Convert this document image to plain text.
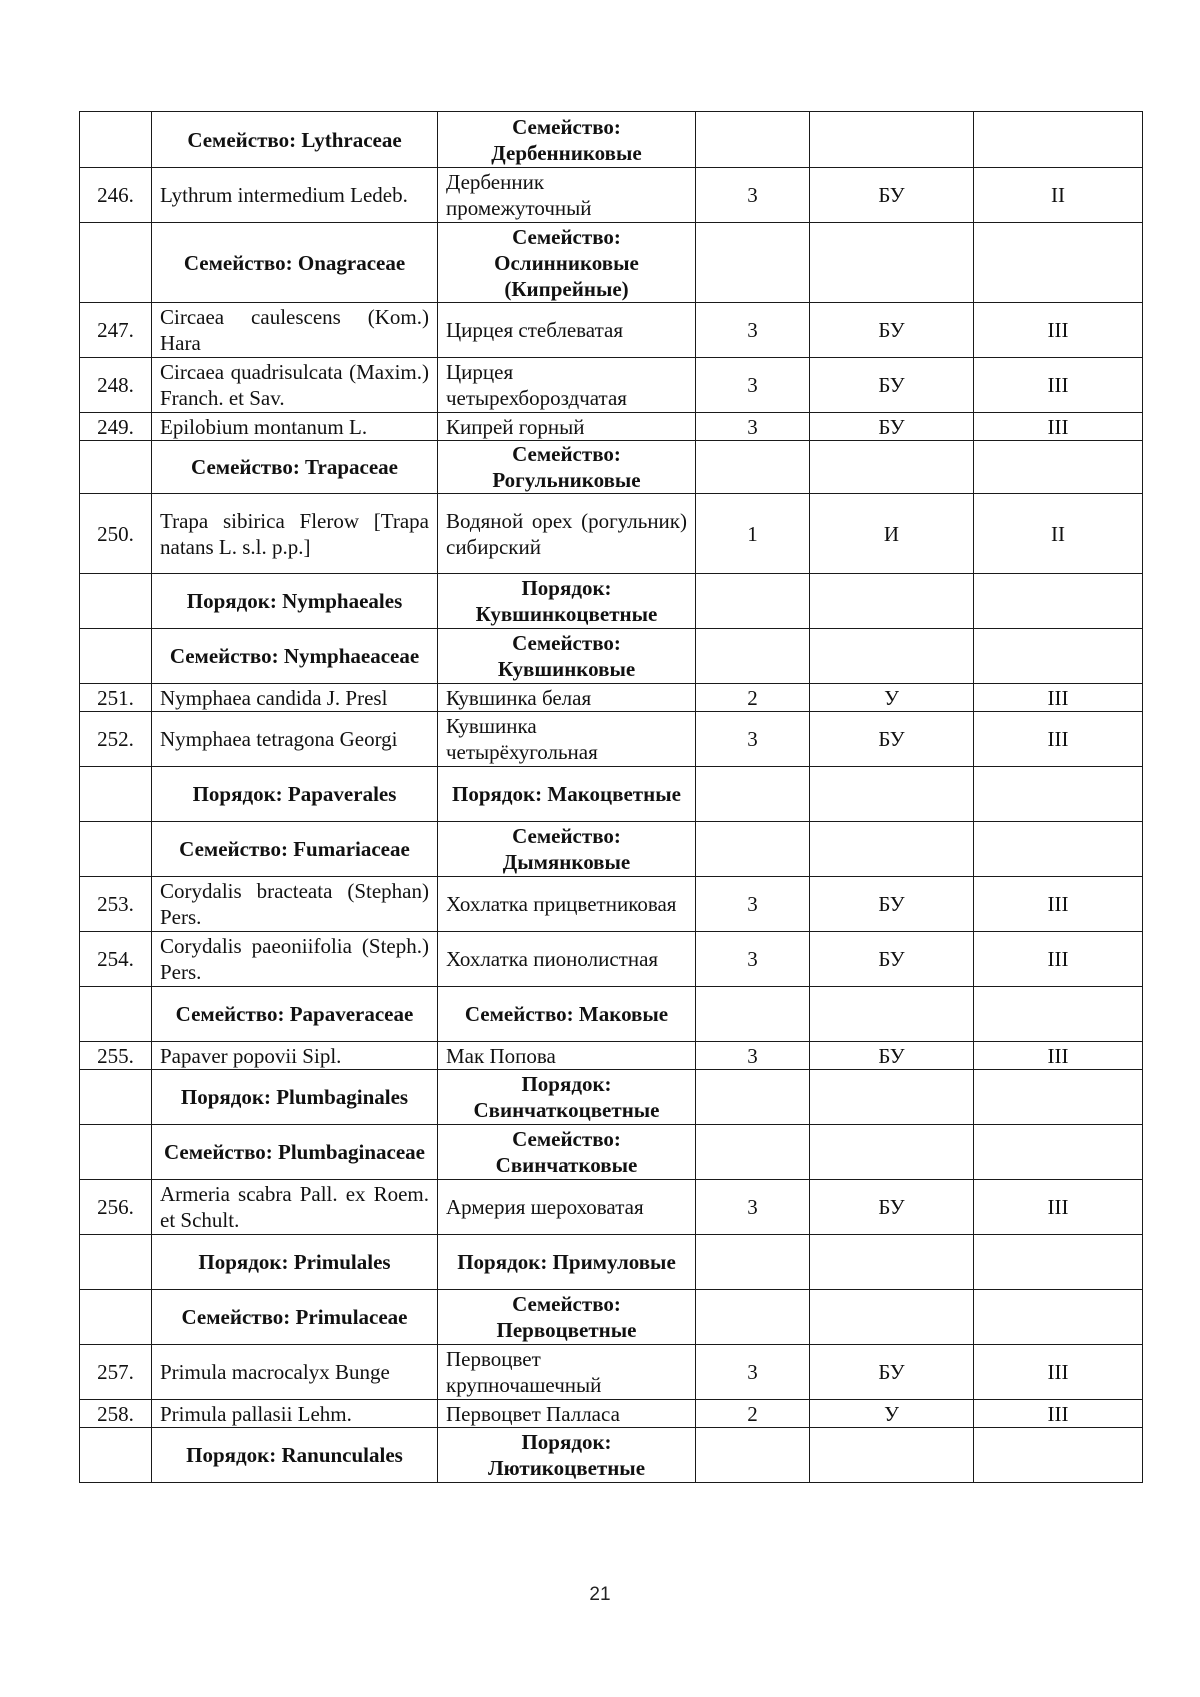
	Семейство: Lythraceae	Семейство: Дербенниковые			
246.	Lythrum intermedium Ledeb.	Дербенник промежуточный	3	БУ	II
	Семейство: Onagraceae	Семейство: Ослинниковые (Кипрейные)			
247.	Circaea caulescens (Kom.) Hara	Цирцея стеблеватая	3	БУ	III
248.	Circaea quadrisulcata (Maxim.) Franch. et Sav.	Цирцея четырехбороздчатая	3	БУ	III
249.	Epilobium montanum L.	Кипрей горный	3	БУ	III
	Семейство: Trapaceae	Семейство: Рогульниковые			
250.	Trapa sibirica Flerow [Trapa natans L. s.l. p.p.]	Водяной орех (рогульник) сибирский	1	И	II
	Порядок: Nymphaeales	Порядок: Кувшинкоцветные			
	Семейство: Nymphaeaceae	Семейство: Кувшинковые			
251.	Nymphaea candida J. Presl	Кувшинка белая	2	У	III
252.	Nymphaea tetragona Georgi	Кувшинка четырёхугольная	3	БУ	III
	Порядок: Papaverales	Порядок: Макоцветные			
	Семейство: Fumariaceae	Семейство: Дымянковые			
253.	Corydalis bracteata (Stephan) Pers.	Хохлатка прицветниковая	3	БУ	III
254.	Corydalis paeoniifolia (Steph.) Pers.	Хохлатка пионолистная	3	БУ	III
	Семейство: Papaveraceae	Семейство: Маковые			
255.	Papaver popovii Sipl.	Мак Попова	3	БУ	III
	Порядок: Plumbaginales	Порядок: Свинчаткоцветные			
	Семейство: Plumbaginaceae	Семейство: Свинчатковые			
256.	Armeria scabra Pall. ex Roem. et Schult.	Армерия шероховатая	3	БУ	III
	Порядок: Primulales	Порядок: Примуловые			
	Семейство: Primulaceae	Семейство: Первоцветные			
257.	Primula macrocalyx Bunge	Первоцвет крупночашечный	3	БУ	III
258.	Primula pallasii Lehm.	Первоцвет Палласа	2	У	III
	Порядок: Ranunculales	Порядок: Лютикоцветные			
21
